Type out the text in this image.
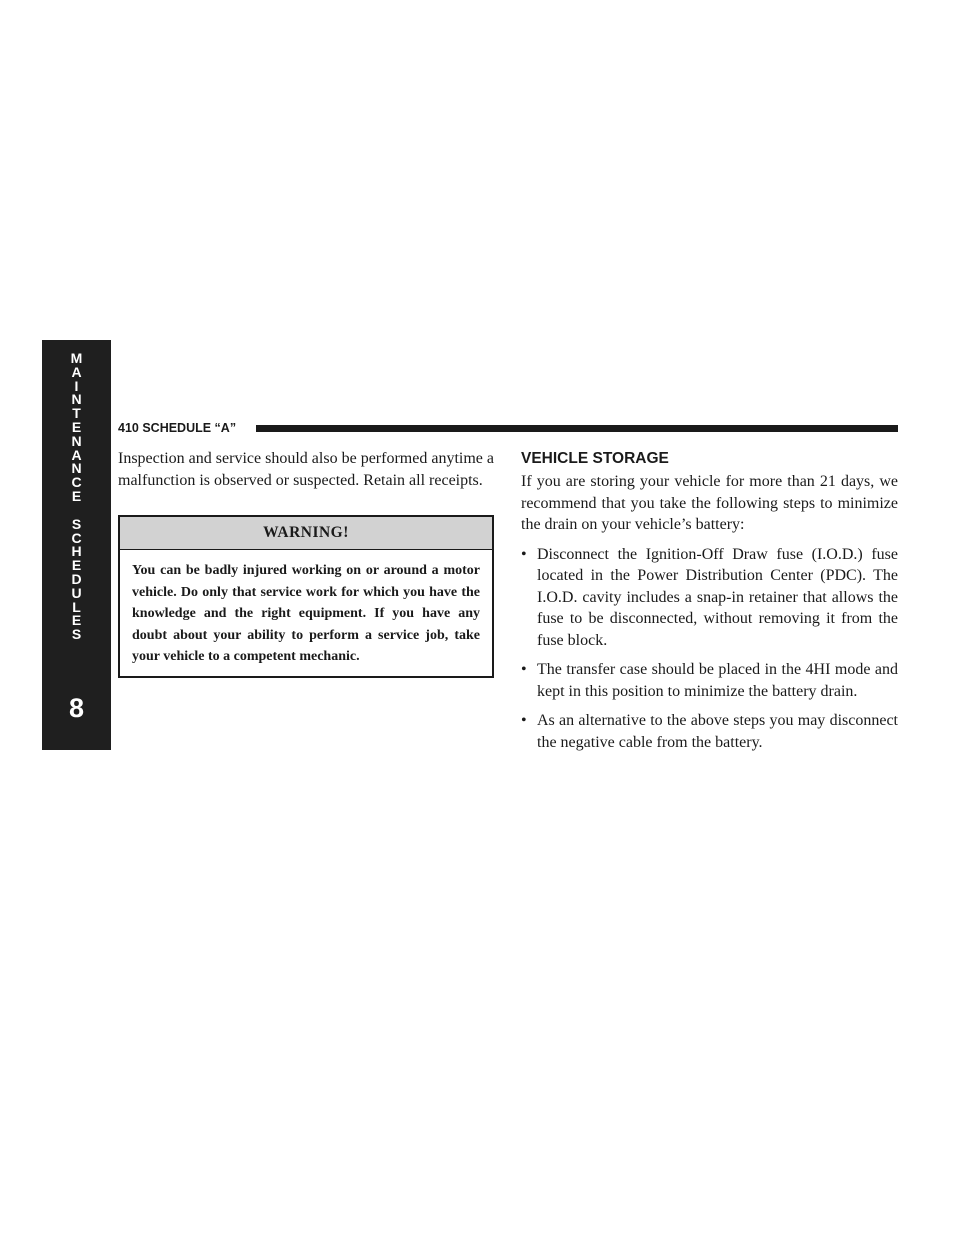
M
A
I
N
T
E
N
A
N
C
E
S
C
H
E
D
U
L
E
S
8
410 SCHEDULE “A”

Inspection and service should also be performed anytime a malfunction is observed or suspected. Retain all receipts.

WARNING!
You can be badly injured working on or around a motor vehicle. Do only that service work for which you have the knowledge and the right equipment. If you have any doubt about your ability to perform a service job, take your vehicle to a competent mechanic.
VEHICLE STORAGE

If you are storing your vehicle for more than 21 days, we recommend that you take the following steps to minimize the drain on your vehicle’s battery:

• Disconnect the Ignition-Off Draw fuse (I.O.D.) fuse located in the Power Distribution Center (PDC). The I.O.D. cavity includes a snap-in retainer that allows the fuse to be disconnected, without removing it from the fuse block.

• The transfer case should be placed in the 4HI mode and kept in this position to minimize the battery drain.

• As an alternative to the above steps you may disconnect the negative cable from the battery.
